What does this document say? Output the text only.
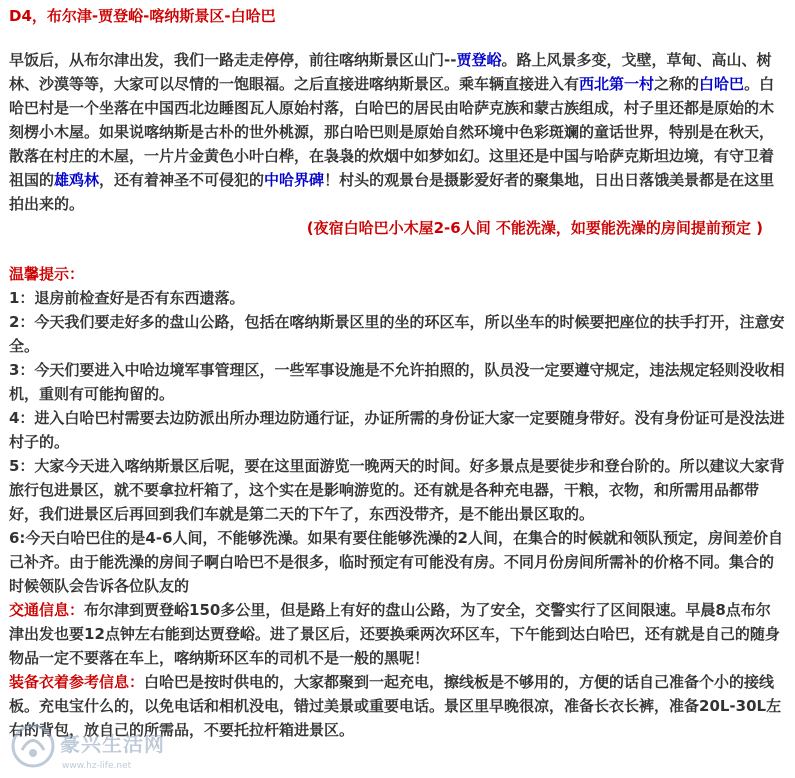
D4，布尔津-贾登峪-喀纳斯景区-白哈巴

早饭后，从布尔津出发，我们一路走走停停，前往喀纳斯景区山门--贾登峪。路上风景多变，戈壁，草甸、高山、树林、沙漠等等，大家可以尽情的一饱眼福。之后直接进喀纳斯景区。乘车辆直接进入有西北第一村之称的白哈巴。白哈巴村是一个坐落在中国西北边睡图瓦人原始村落，白哈巴的居民由哈萨克族和蒙古族组成，村子里还都是原始的木刻楞小木屋。如果说喀纳斯是古朴的世外桃源，那白哈巴则是原始自然环境中色彩斑斓的童话世界，特别是在秋天，散落在村庄的木屋，一片片金黄色小叶白桦，在袅袅的炊烟中如梦如幻。这里还是中国与哈萨克斯坦边境，有守卫着祖国的雄鸡林，还有着神圣不可侵犯的中哈界碑！村头的观景台是摄影爱好者的聚集地，日出日落饿美景都是在这里拍出来的。

(夜宿白哈巴小木屋2-6人间 不能洗澡，如要能洗澡的房间提前预定 )

温馨提示：

1：退房前检查好是否有东西遗落。

2：今天我们要走好多的盘山公路，包括在喀纳斯景区里的坐的环区车，所以坐车的时候要把座位的扶手打开，注意安全。

3：今天们要进入中哈边境军事管理区，一些军事设施是不允许拍照的，队员没一定要遵守规定，违法规定轻则没收相机，重则有可能拘留的。

4：进入白哈巴村需要去边防派出所办理边防通行证，办证所需的身份证大家一定要随身带好。没有身份证可是没法进村子的。

5：大家今天进入喀纳斯景区后呢，要在这里面游览一晚两天的时间。好多景点是要徒步和登台阶的。所以建议大家背旅行包进景区，就不要拿拉杆箱了，这个实在是影响游览的。还有就是各种充电器，干粮，衣物，和所需用品都带好，我们进景区后再回到我们车就是第二天的下午了，东西没带齐，是不能出景区取的。

6:今天白哈巴住的是4-6人间，不能够洗澡。如果有要住能够洗澡的2人间，在集合的时候就和领队预定，房间差价自己补齐。由于能洗澡的房间子啊白哈巴不是很多，临时预定有可能没有房。不同月份房间所需补的价格不同。集合的时候领队会告诉各位队友的

交通信息：布尔津到贾登峪150多公里，但是路上有好的盘山公路，为了安全，交警实行了区间限速。早晨8点布尔津出发也要12点钟左右能到达贾登峪。进了景区后，还要换乘两次环区车，下午能到达白哈巴，还有就是自己的随身物品一定不要落在车上，喀纳斯环区车的司机不是一般的黑呢！

装备衣着参考信息：白哈巴是按时供电的，大家都聚到一起充电，擦线板是不够用的，方便的话自己准备个小的接线板。充电宝什么的，以免电话和相机没电，错过美景或重要电话。景区里早晚很凉，准备长衣长裤，准备20L-30L左右的背包，放自己的所需品，不要托拉杆箱进景区。

豪兴生活网
www.hz-life.net
